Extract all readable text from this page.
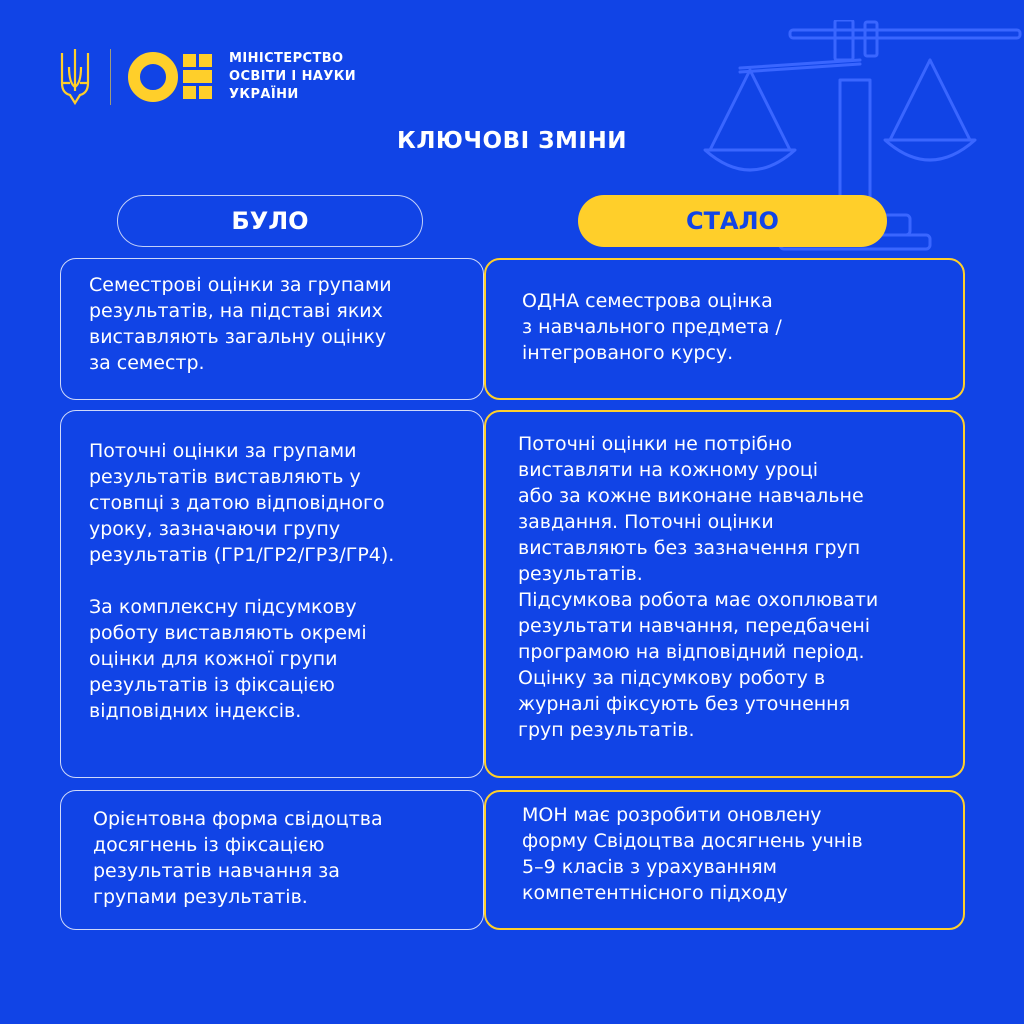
МІНІСТЕРСТВО
ОСВІТИ І НАУКИ
УКРАЇНИ
КЛЮЧОВІ ЗМІНИ
БУЛО	СТАЛО
Семестрові оцінки за групами
результатів, на підставі яких
виставляють загальну оцінку
за семестр.
ОДНА семестрова оцінка
з навчального предмета /
інтегрованого курсу.
Поточні оцінки за групами
результатів виставляють у
стовпці з датою відповідного
уроку, зазначаючи групу
результатів (ГР1/ГР2/ГР3/ГР4).

За комплексну підсумкову
роботу виставляють окремі
оцінки для кожної групи
результатів із фіксацією
відповідних індексів.
Поточні оцінки не потрібно
виставляти на кожному уроці
або за кожне виконане навчальне
завдання. Поточні оцінки
виставляють без зазначення груп
результатів.
Підсумкова робота має охоплювати
результати навчання, передбачені
програмою на відповідний період.
Оцінку за підсумкову роботу в
журналі фіксують без уточнення
груп результатів.
Орієнтовна форма свідоцтва
досягнень із фіксацією
результатів навчання за
групами результатів.
МОН має розробити оновлену
форму Свідоцтва досягнень учнів
5–9 класів з урахуванням
компетентнісного підходу
